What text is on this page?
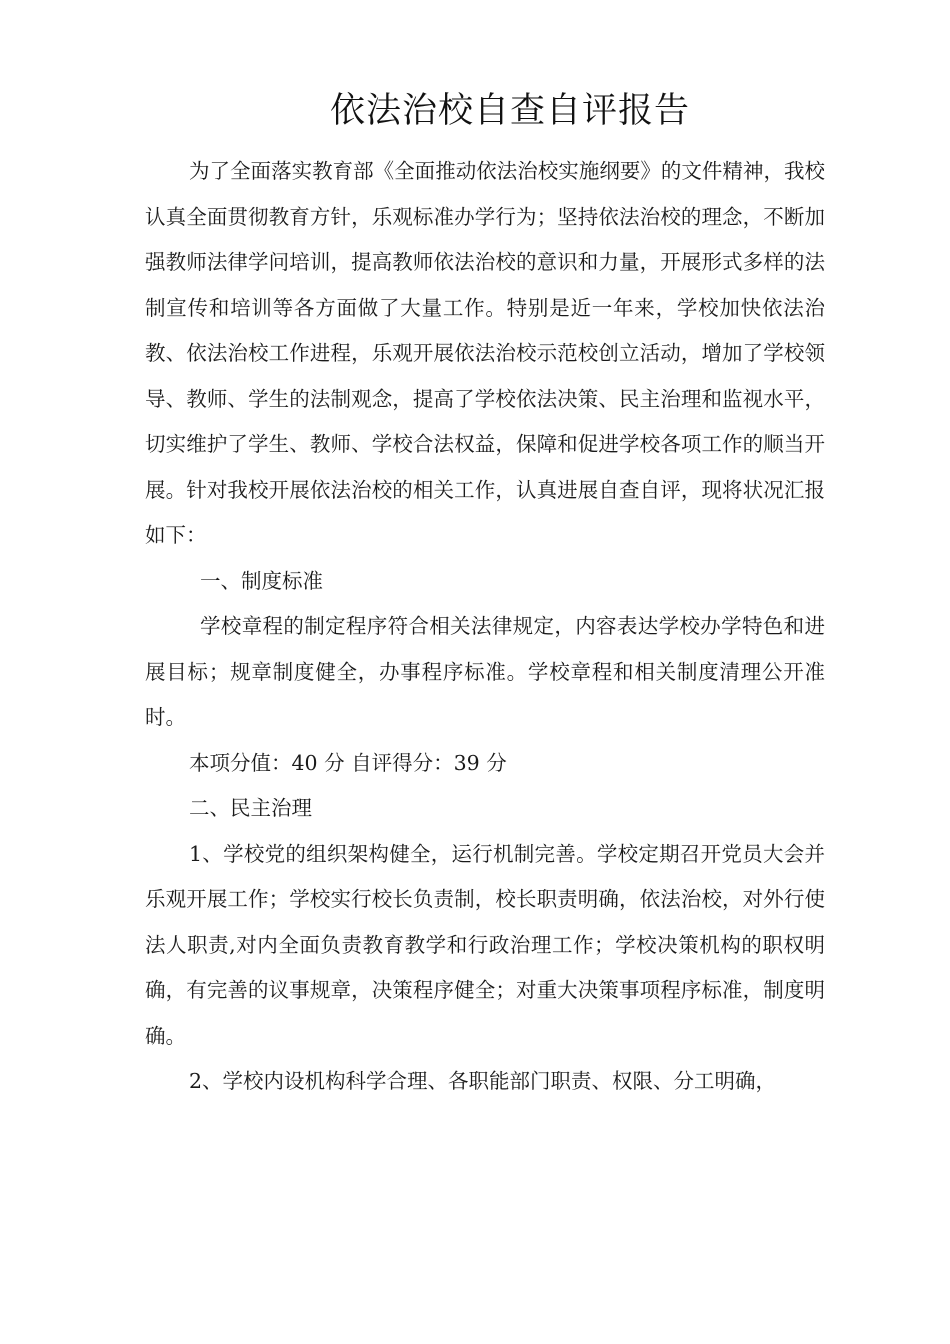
依法治校自查自评报告

为了全面落实教育部《全面推动依法治校实施纲要》的文件精神，我校认真全面贯彻教育方针，乐观标准办学行为；坚持依法治校的理念，不断加强教师法律学问培训，提高教师依法治校的意识和力量，开展形式多样的法制宣传和培训等各方面做了大量工作。特别是近一年来，学校加快依法治教、依法治校工作进程，乐观开展依法治校示范校创立活动，增加了学校领导、教师、学生的法制观念，提高了学校依法决策、民主治理和监视水平，切实维护了学生、教师、学校合法权益，保障和促进学校各项工作的顺当开展。针对我校开展依法治校的相关工作，认真进展自查自评，现将状况汇报如下：

一、制度标准

学校章程的制定程序符合相关法律规定，内容表达学校办学特色和进展目标；规章制度健全，办事程序标准。学校章程和相关制度清理公开准时。

本项分值：40 分 自评得分：39 分

二、民主治理

1、学校党的组织架构健全，运行机制完善。学校定期召开党员大会并乐观开展工作；学校实行校长负责制，校长职责明确，依法治校，对外行使法人职责,对内全面负责教育教学和行政治理工作；学校决策机构的职权明确，有完善的议事规章，决策程序健全；对重大决策事项程序标准，制度明确。

2、学校内设机构科学合理、各职能部门职责、权限、分工明确，
